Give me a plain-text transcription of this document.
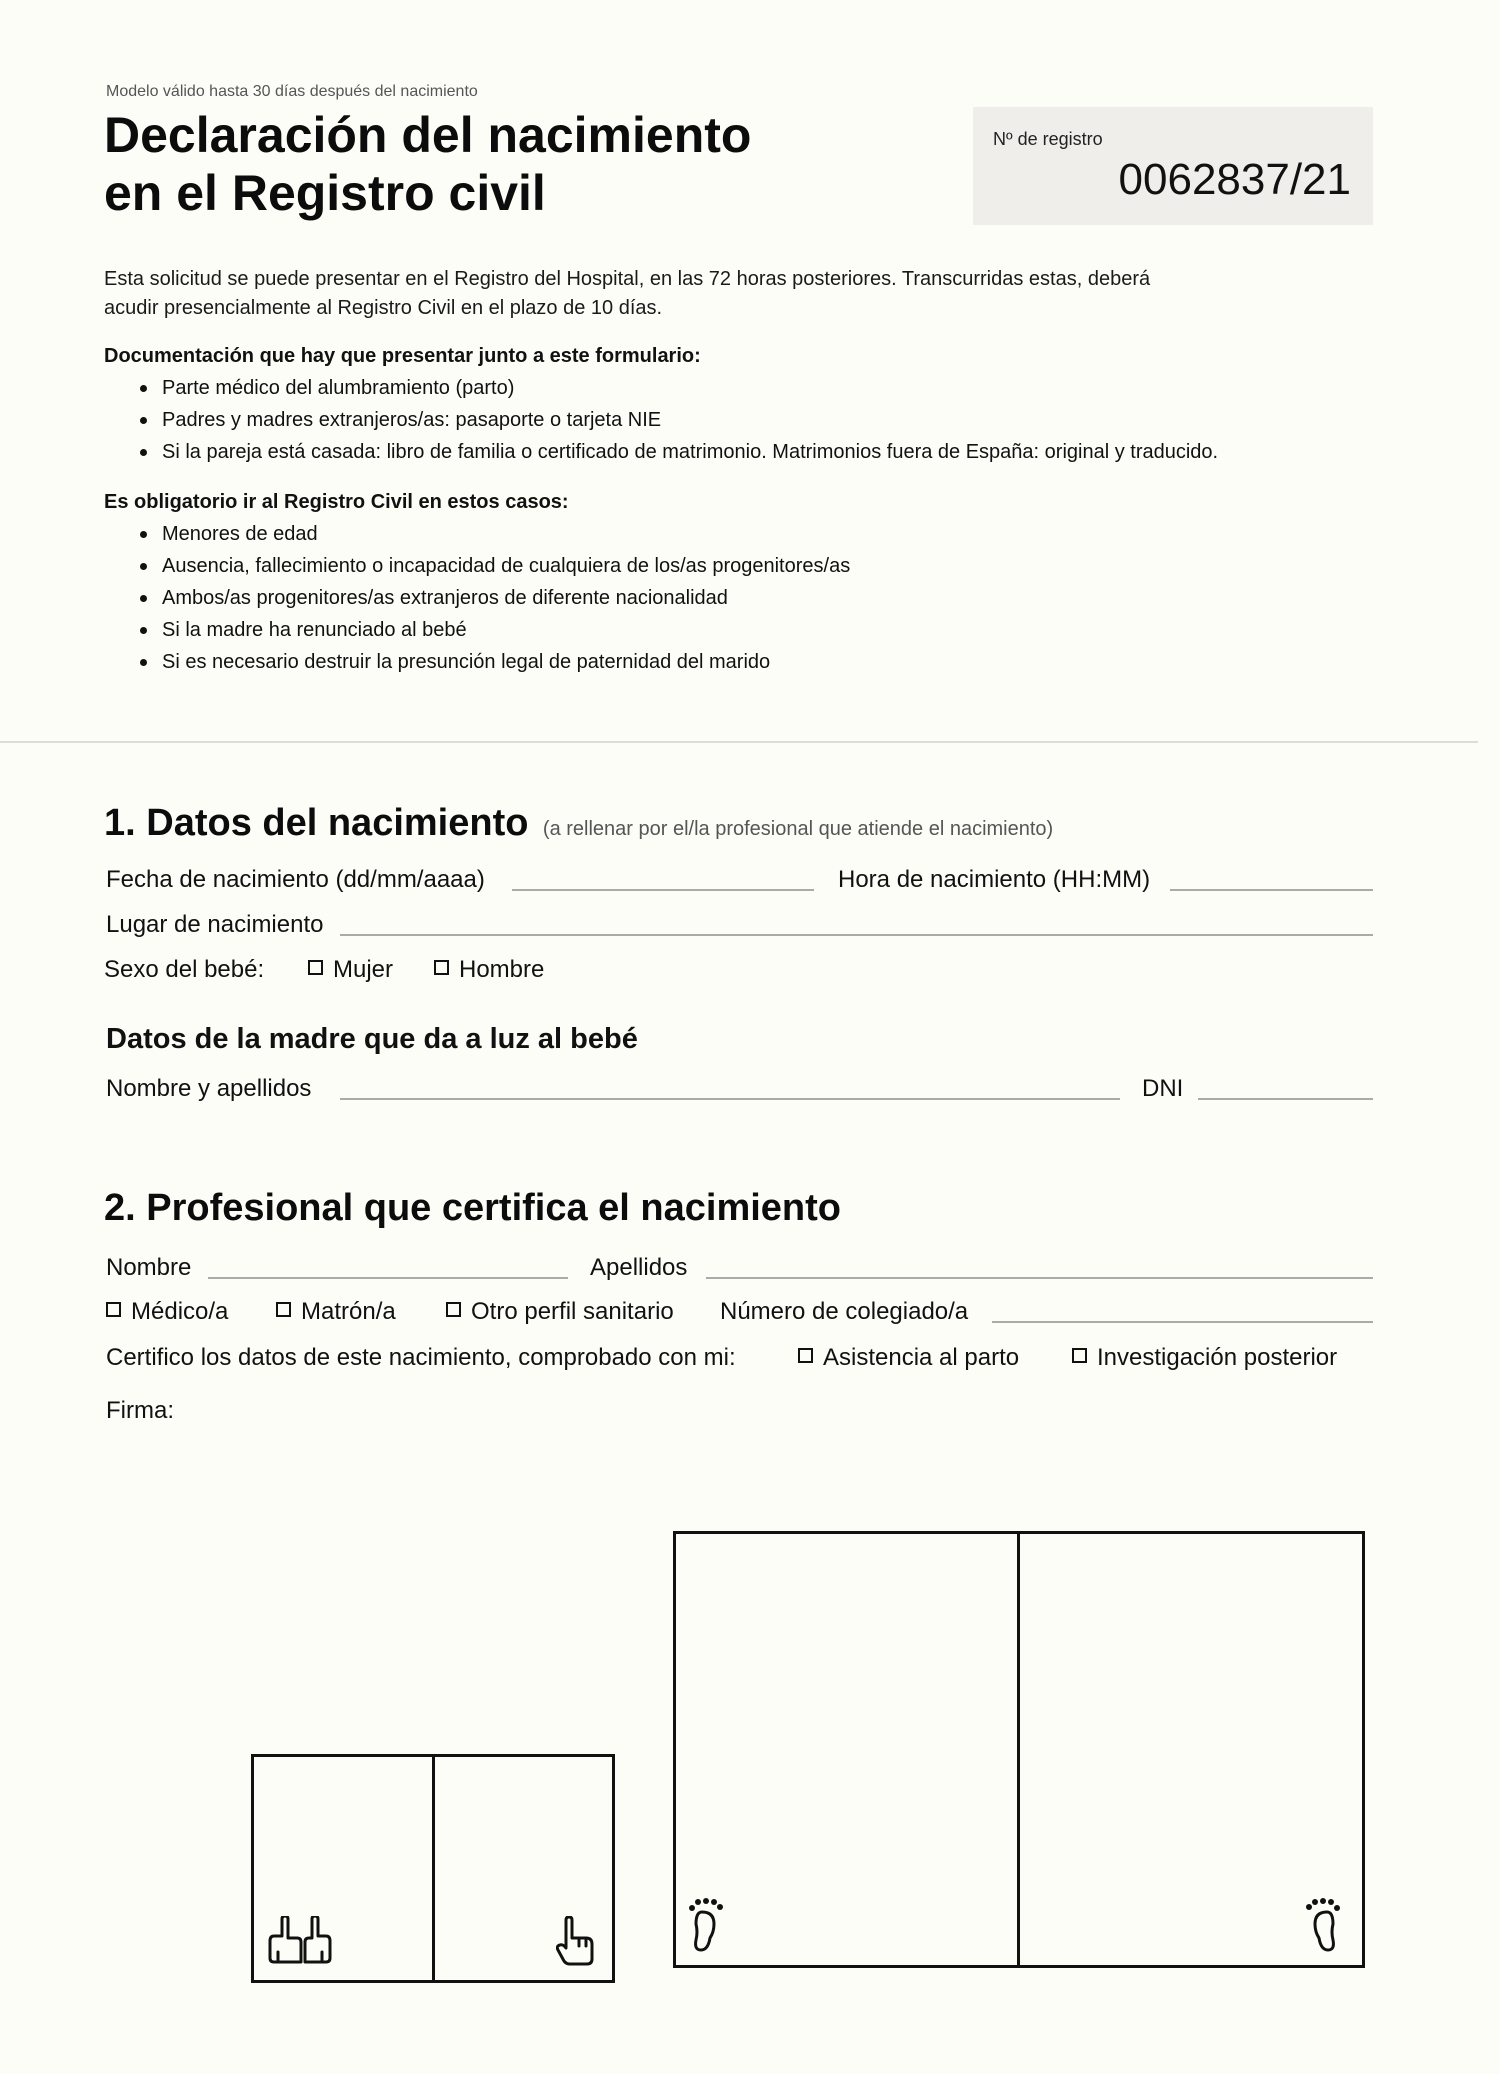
Modelo válido hasta 30 días después del nacimiento
Declaración del nacimiento
en el Registro civil
Nº de registro
0062837/21
Esta solicitud se puede presentar en el Registro del Hospital, en las 72 horas posteriores. Transcurridas estas, deberá
acudir presencialmente al Registro Civil en el plazo de 10 días.
Documentación que hay que presentar junto a este formulario:
Parte médico del alumbramiento (parto)
Padres y madres extranjeros/as: pasaporte o tarjeta NIE
Si la pareja está casada: libro de familia o certificado de matrimonio. Matrimonios fuera de España: original y traducido.
Es obligatorio ir al Registro Civil en estos casos:
Menores de edad
Ausencia, fallecimiento o incapacidad de cualquiera de los/as progenitores/as
Ambos/as progenitores/as extranjeros de diferente nacionalidad
Si la madre ha renunciado al bebé
Si es necesario destruir la presunción legal de paternidad del marido
1. Datos del nacimiento (a rellenar por el/la profesional que atiende el nacimiento)
Fecha de nacimiento (dd/mm/aaaa)	Hora de nacimiento (HH:MM)
Lugar de nacimiento
Sexo del bebé:	Mujer	Hombre
Datos de la madre que da a luz al bebé
Nombre y apellidos	DNI
2. Profesional que certifica el nacimiento
Nombre	Apellidos
Médico/a	Matrón/a	Otro perfil sanitario Número de colegiado/a
Certifico los datos de este nacimiento, comprobado con mi:	Asistencia al parto	Investigación posterior
Firma:
